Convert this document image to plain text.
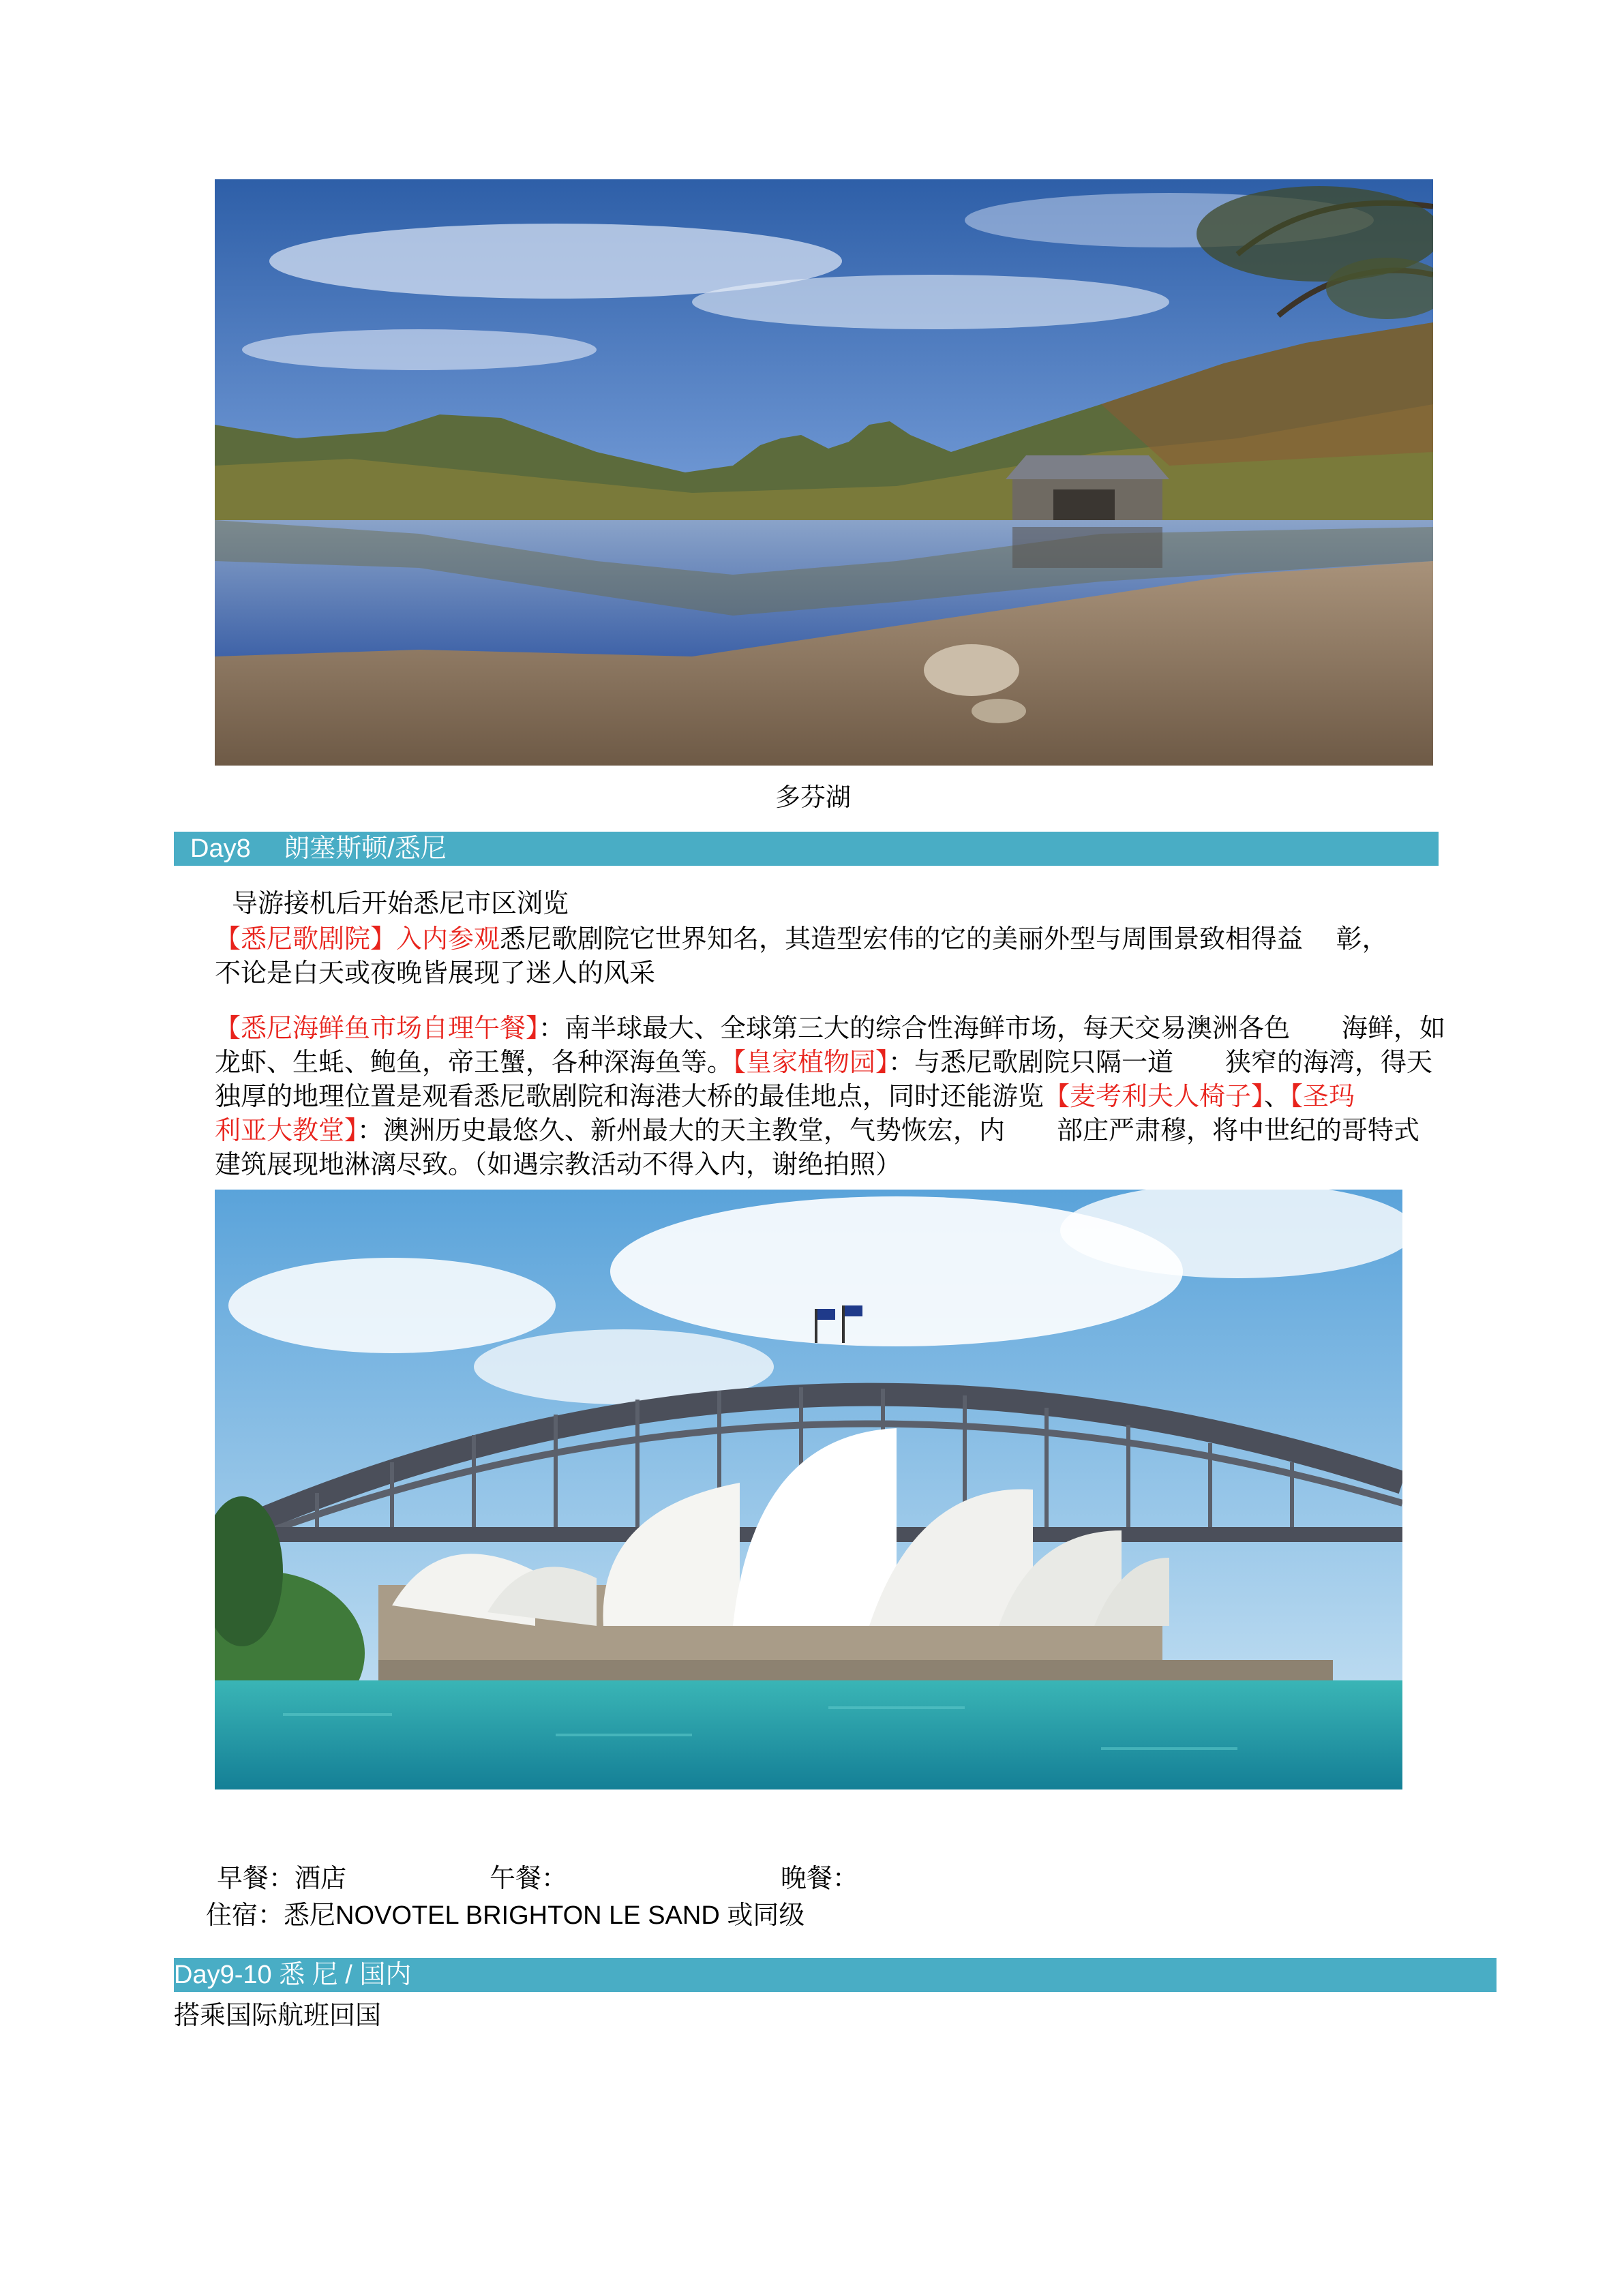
多芬湖
Day8　 朗塞斯顿/悉尼
导游接机后开始悉尼市区浏览
【悉尼歌剧院】入内参观悉尼歌剧院它世界知名，其造型宏伟的它的美丽外型与周围景致相得益　 彰，
不论是白天或夜晚皆展现了迷人的风采
【悉尼海鲜鱼市场自理午餐】：南半球最大、全球第三大的综合性海鲜市场，每天交易澳洲各色　　海鲜，如
龙虾、生蚝、鲍鱼，帝王蟹，各种深海鱼等。【皇家植物园】：与悉尼歌剧院只隔一道　　狭窄的海湾，得天
独厚的地理位置是观看悉尼歌剧院和海港大桥的最佳地点，同时还能游览【麦考利夫人椅子】、【圣玛
利亚大教堂】：澳洲历史最悠久、新州最大的天主教堂，气势恢宏，内　　部庄严肃穆，将中世纪的哥特式
建筑展现地淋漓尽致。（如遇宗教活动不得入内，谢绝拍照）
早餐：酒店	午餐：	晚餐：
住宿：悉尼NOVOTEL BRIGHTON LE SAND 或同级
Day9-10 悉 尼 / 国内
搭乘国际航班回国
